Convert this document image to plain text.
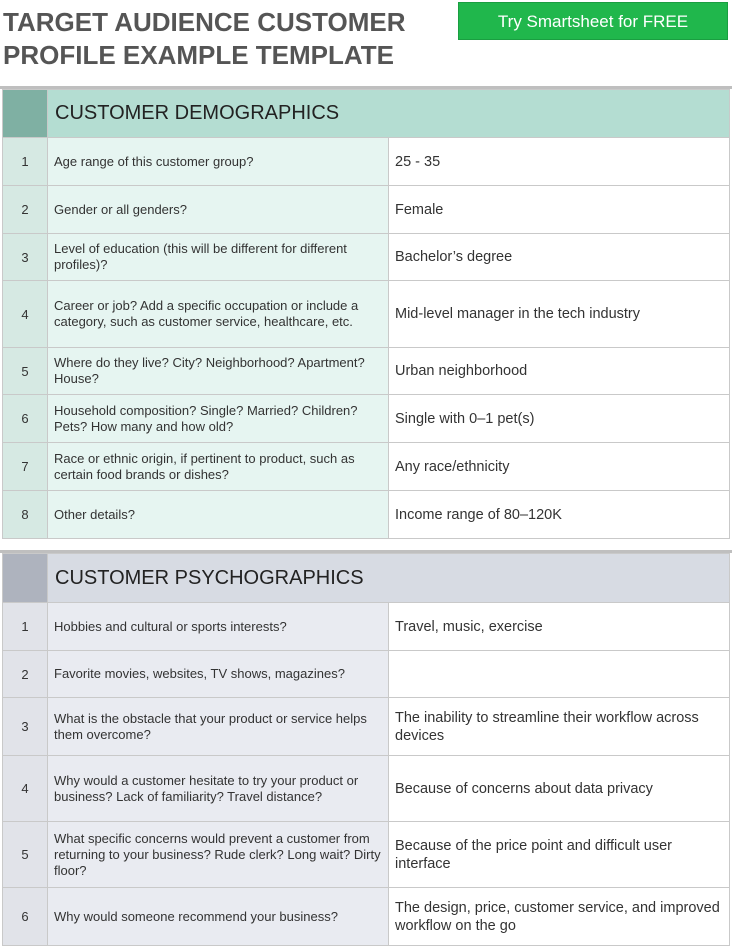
TARGET AUDIENCE CUSTOMER
PROFILE EXAMPLE TEMPLATE
Try Smartsheet for FREE
	CUSTOMER DEMOGRAPHICS	
1	Age range of this customer group?	25 - 35
2	Gender or all genders?	Female
3	Level of education (this will be different for different profiles)?	Bachelor’s degree
4	Career or job? Add a specific occupation or include a category, such as customer service, healthcare, etc.	Mid-level manager in the tech industry
5	Where do they live? City? Neighborhood? Apartment? House?	Urban neighborhood
6	Household composition? Single? Married? Children? Pets? How many and how old?	Single with 0–1 pet(s)
7	Race or ethnic origin, if pertinent to product, such as certain food brands or dishes?	Any race/ethnicity
8	Other details?	Income range of 80–120K
	CUSTOMER PSYCHOGRAPHICS	
1	Hobbies and cultural or sports interests?	Travel, music, exercise
2	Favorite movies, websites, TV shows, magazines?	
3	What is the obstacle that your product or service helps them overcome?	The inability to streamline their workflow across devices
4	Why would a customer hesitate to try your product or business? Lack of familiarity? Travel distance?	Because of concerns about data privacy
5	What specific concerns would prevent a customer from returning to your business? Rude clerk? Long wait? Dirty floor?	Because of the price point and difficult user interface
6	Why would someone recommend your business?	The design, price, customer service, and improved workflow on the go
